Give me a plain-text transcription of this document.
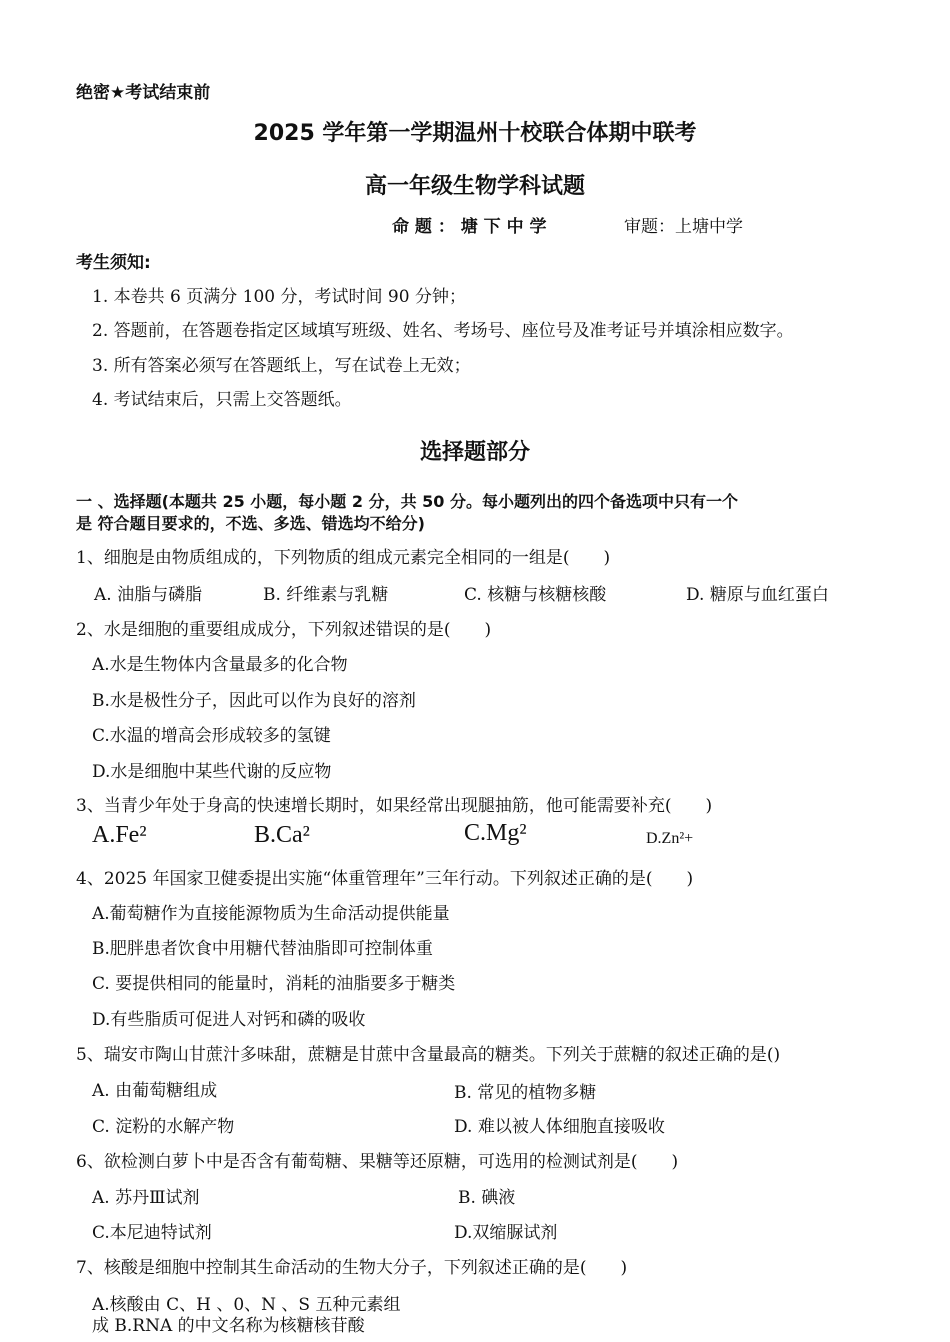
绝密★考试结束前
2025 学年第一学期温州十校联合体期中联考
高一年级生物学科试题
命 题 ： 塘 下 中 学	审题：上塘中学
考生须知:
1. 本卷共 6 页满分 100 分，考试时间 90 分钟；
2. 答题前，在答题卷指定区域填写班级、姓名、考场号、座位号及准考证号并填涂相应数字。
3. 所有答案必须写在答题纸上，写在试卷上无效；
4. 考试结束后，只需上交答题纸。
选择题部分
一 、选择题(本题共 25 小题，每小题 2 分，共 50 分。每小题列出的四个备选项中只有一个
是 符合题目要求的，不选、多选、错选均不给分)
1、细胞是由物质组成的，下列物质的组成元素完全相同的一组是(　　)
A. 油脂与磷脂	B. 纤维素与乳糖	C. 核糖与核糖核酸	D. 糖原与血红蛋白
2、水是细胞的重要组成成分，下列叙述错误的是(　　)
A.水是生物体内含量最多的化合物
B.水是极性分子，因此可以作为良好的溶剂
C.水温的增高会形成较多的氢键
D.水是细胞中某些代谢的反应物
3、当青少年处于身高的快速增长期时，如果经常出现腿抽筋，他可能需要补充(　　)
A.Fe²	B.Ca²	C.Mg²	D.Zn²+
4、2025 年国家卫健委提出实施“体重管理年”三年行动。下列叙述正确的是(　　)
A.葡萄糖作为直接能源物质为生命活动提供能量
B.肥胖患者饮食中用糖代替油脂即可控制体重
C. 要提供相同的能量时，消耗的油脂要多于糖类
D.有些脂质可促进人对钙和磷的吸收
5、瑞安市陶山甘蔗汁多味甜，蔗糖是甘蔗中含量最高的糖类。下列关于蔗糖的叙述正确的是()
A. 由葡萄糖组成	B. 常见的植物多糖
C. 淀粉的水解产物	D. 难以被人体细胞直接吸收
6、欲检测白萝卜中是否含有葡萄糖、果糖等还原糖，可选用的检测试剂是(　　)
A. 苏丹Ⅲ试剂	B. 碘液
C.本尼迪特试剂	D.双缩脲试剂
7、核酸是细胞中控制其生命活动的生物大分子，下列叙述正确的是(　　)
A.核酸由 C、H 、0、N 、S 五种元素组
成 B.RNA 的中文名称为核糖核苷酸
